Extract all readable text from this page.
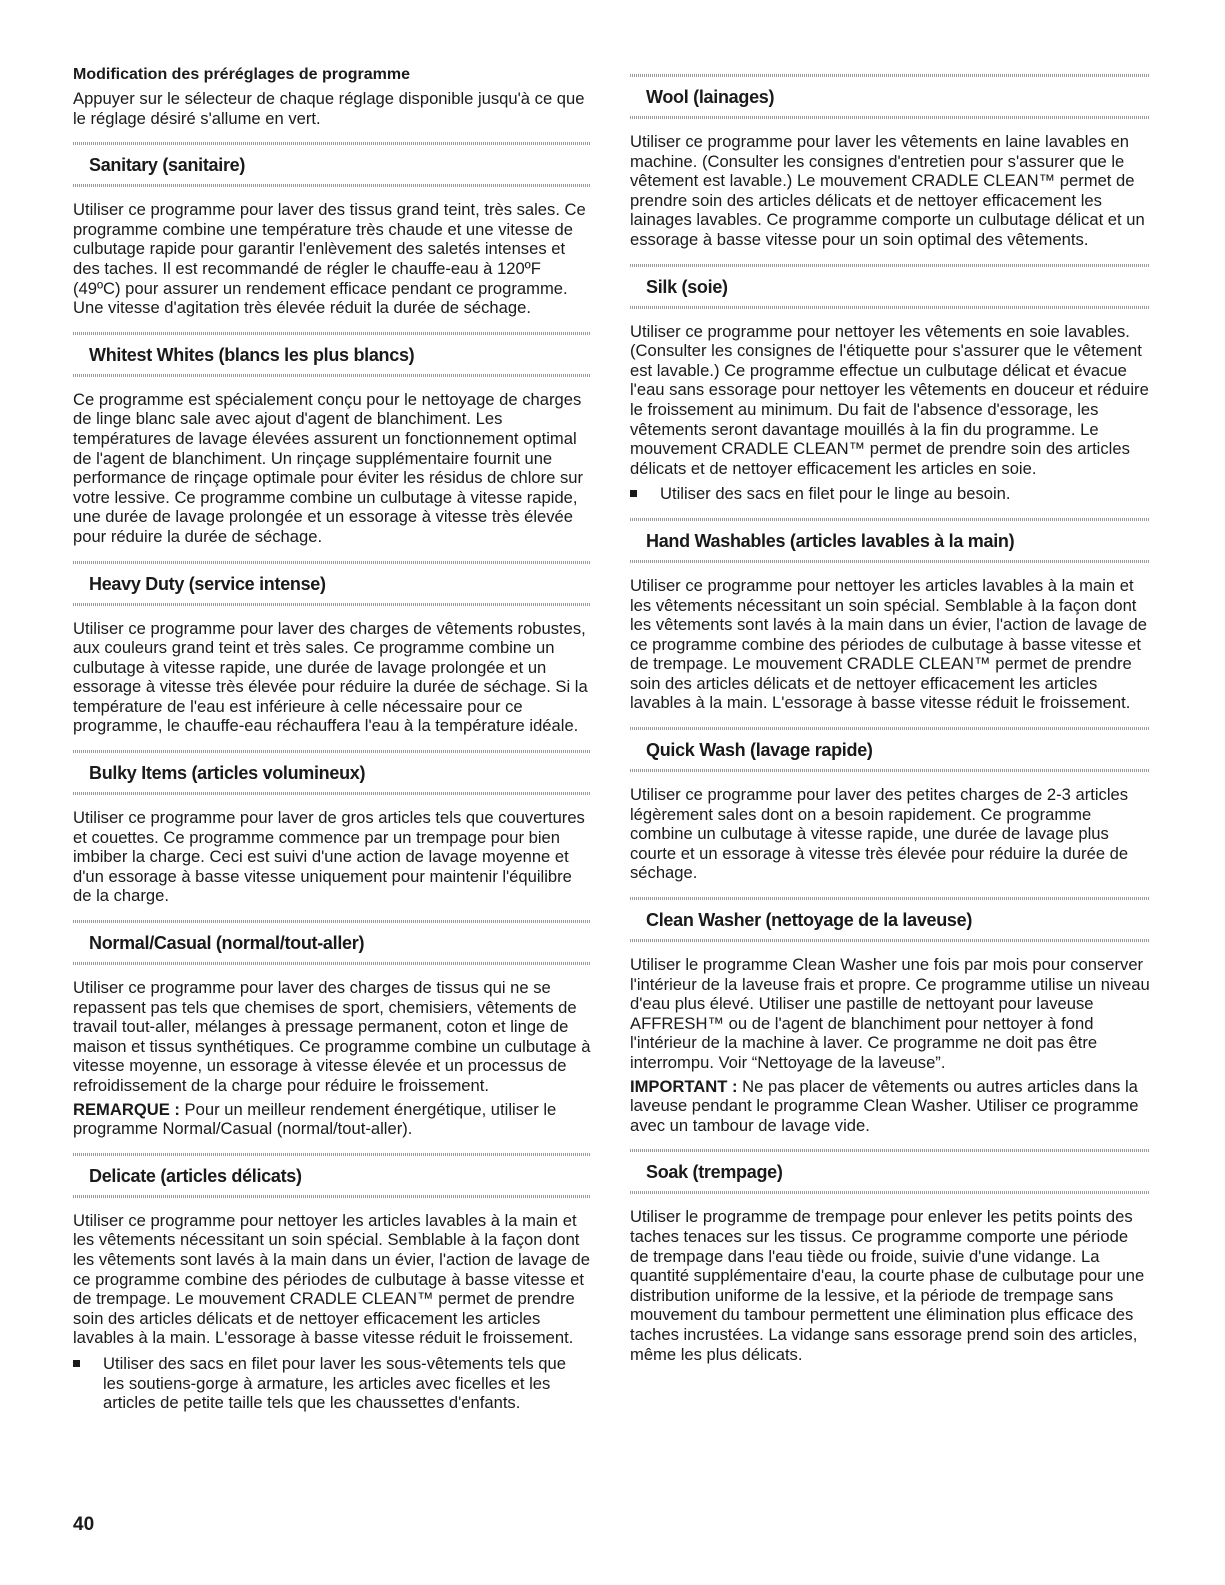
Modification des préréglages de programme

Appuyer sur le sélecteur de chaque réglage disponible jusqu'à ce que le réglage désiré s'allume en vert.

Sanitary (sanitaire)

Utiliser ce programme pour laver des tissus grand teint, très sales. Ce programme combine une température très chaude et une vitesse de culbutage rapide pour garantir l'enlèvement des saletés intenses et des taches. Il est recommandé de régler le chauffe-eau à 120ºF (49ºC) pour assurer un rendement efficace pendant ce programme. Une vitesse d'agitation très élevée réduit la durée de séchage.

Whitest Whites (blancs les plus blancs)

Ce programme est spécialement conçu pour le nettoyage de charges de linge blanc sale avec ajout d'agent de blanchiment. Les températures de lavage élevées assurent un fonctionnement optimal de l'agent de blanchiment. Un rinçage supplémentaire fournit une performance de rinçage optimale pour éviter les résidus de chlore sur votre lessive. Ce programme combine un culbutage à vitesse rapide, une durée de lavage prolongée et un essorage à vitesse très élevée pour réduire la durée de séchage.

Heavy Duty (service intense)

Utiliser ce programme pour laver des charges de vêtements robustes, aux couleurs grand teint et très sales. Ce programme combine un culbutage à vitesse rapide, une durée de lavage prolongée et un essorage à vitesse très élevée pour réduire la durée de séchage. Si la température de l'eau est inférieure à celle nécessaire pour ce programme, le chauffe-eau réchauffera l'eau à la température idéale.

Bulky Items (articles volumineux)

Utiliser ce programme pour laver de gros articles tels que couvertures et couettes. Ce programme commence par un trempage pour bien imbiber la charge. Ceci est suivi d'une action de lavage moyenne et d'un essorage à basse vitesse uniquement pour maintenir l'équilibre de la charge.

Normal/Casual (normal/tout-aller)

Utiliser ce programme pour laver des charges de tissus qui ne se repassent pas tels que chemises de sport, chemisiers, vêtements de travail tout-aller, mélanges à pressage permanent, coton et linge de maison et tissus synthétiques. Ce programme combine un culbutage à vitesse moyenne, un essorage à vitesse élevée et un processus de refroidissement de la charge pour réduire le froissement.

REMARQUE : Pour un meilleur rendement énergétique, utiliser le programme Normal/Casual (normal/tout-aller).

Delicate (articles délicats)

Utiliser ce programme pour nettoyer les articles lavables à la main et les vêtements nécessitant un soin spécial. Semblable à la façon dont les vêtements sont lavés à la main dans un évier, l'action de lavage de ce programme combine des périodes de culbutage à basse vitesse et de trempage. Le mouvement CRADLE CLEAN™ permet de prendre soin des articles délicats et de nettoyer efficacement les articles lavables à la main. L'essorage à basse vitesse réduit le froissement.

Utiliser des sacs en filet pour laver les sous-vêtements tels que les soutiens-gorge à armature, les articles avec ficelles et les articles de petite taille tels que les chaussettes d'enfants.
Wool (lainages)

Utiliser ce programme pour laver les vêtements en laine lavables en machine. (Consulter les consignes d'entretien pour s'assurer que le vêtement est lavable.) Le mouvement CRADLE CLEAN™ permet de prendre soin des articles délicats et de nettoyer efficacement les lainages lavables. Ce programme comporte un culbutage délicat et un essorage à basse vitesse pour un soin optimal des vêtements.

Silk (soie)

Utiliser ce programme pour nettoyer les vêtements en soie lavables. (Consulter les consignes de l'étiquette pour s'assurer que le vêtement est lavable.) Ce programme effectue un culbutage délicat et évacue l'eau sans essorage pour nettoyer les vêtements en douceur et réduire le froissement au minimum. Du fait de l'absence d'essorage, les vêtements seront davantage mouillés à la fin du programme. Le mouvement CRADLE CLEAN™ permet de prendre soin des articles délicats et de nettoyer efficacement les articles en soie.

Utiliser des sacs en filet pour le linge au besoin.
Hand Washables (articles lavables à la main)

Utiliser ce programme pour nettoyer les articles lavables à la main et les vêtements nécessitant un soin spécial. Semblable à la façon dont les vêtements sont lavés à la main dans un évier, l'action de lavage de ce programme combine des périodes de culbutage à basse vitesse et de trempage. Le mouvement CRADLE CLEAN™ permet de prendre soin des articles délicats et de nettoyer efficacement les articles lavables à la main. L'essorage à basse vitesse réduit le froissement.

Quick Wash (lavage rapide)

Utiliser ce programme pour laver des petites charges de 2-3 articles légèrement sales dont on a besoin rapidement. Ce programme combine un culbutage à vitesse rapide, une durée de lavage plus courte et un essorage à vitesse très élevée pour réduire la durée de séchage.

Clean Washer (nettoyage de la laveuse)

Utiliser le programme Clean Washer une fois par mois pour conserver l'intérieur de la laveuse frais et propre. Ce programme utilise un niveau d'eau plus élevé. Utiliser une pastille de nettoyant pour laveuse AFFRESH™ ou de l'agent de blanchiment pour nettoyer à fond l'intérieur de la machine à laver. Ce programme ne doit pas être interrompu. Voir “Nettoyage de la laveuse”.

IMPORTANT : Ne pas placer de vêtements ou autres articles dans la laveuse pendant le programme Clean Washer. Utiliser ce programme avec un tambour de lavage vide.

Soak (trempage)

Utiliser le programme de trempage pour enlever les petits points des taches tenaces sur les tissus. Ce programme comporte une période de trempage dans l'eau tiède ou froide, suivie d'une vidange. La quantité supplémentaire d'eau, la courte phase de culbutage pour une distribution uniforme de la lessive, et la période de trempage sans mouvement du tambour permettent une élimination plus efficace des taches incrustées. La vidange sans essorage prend soin des articles, même les plus délicats.

40
